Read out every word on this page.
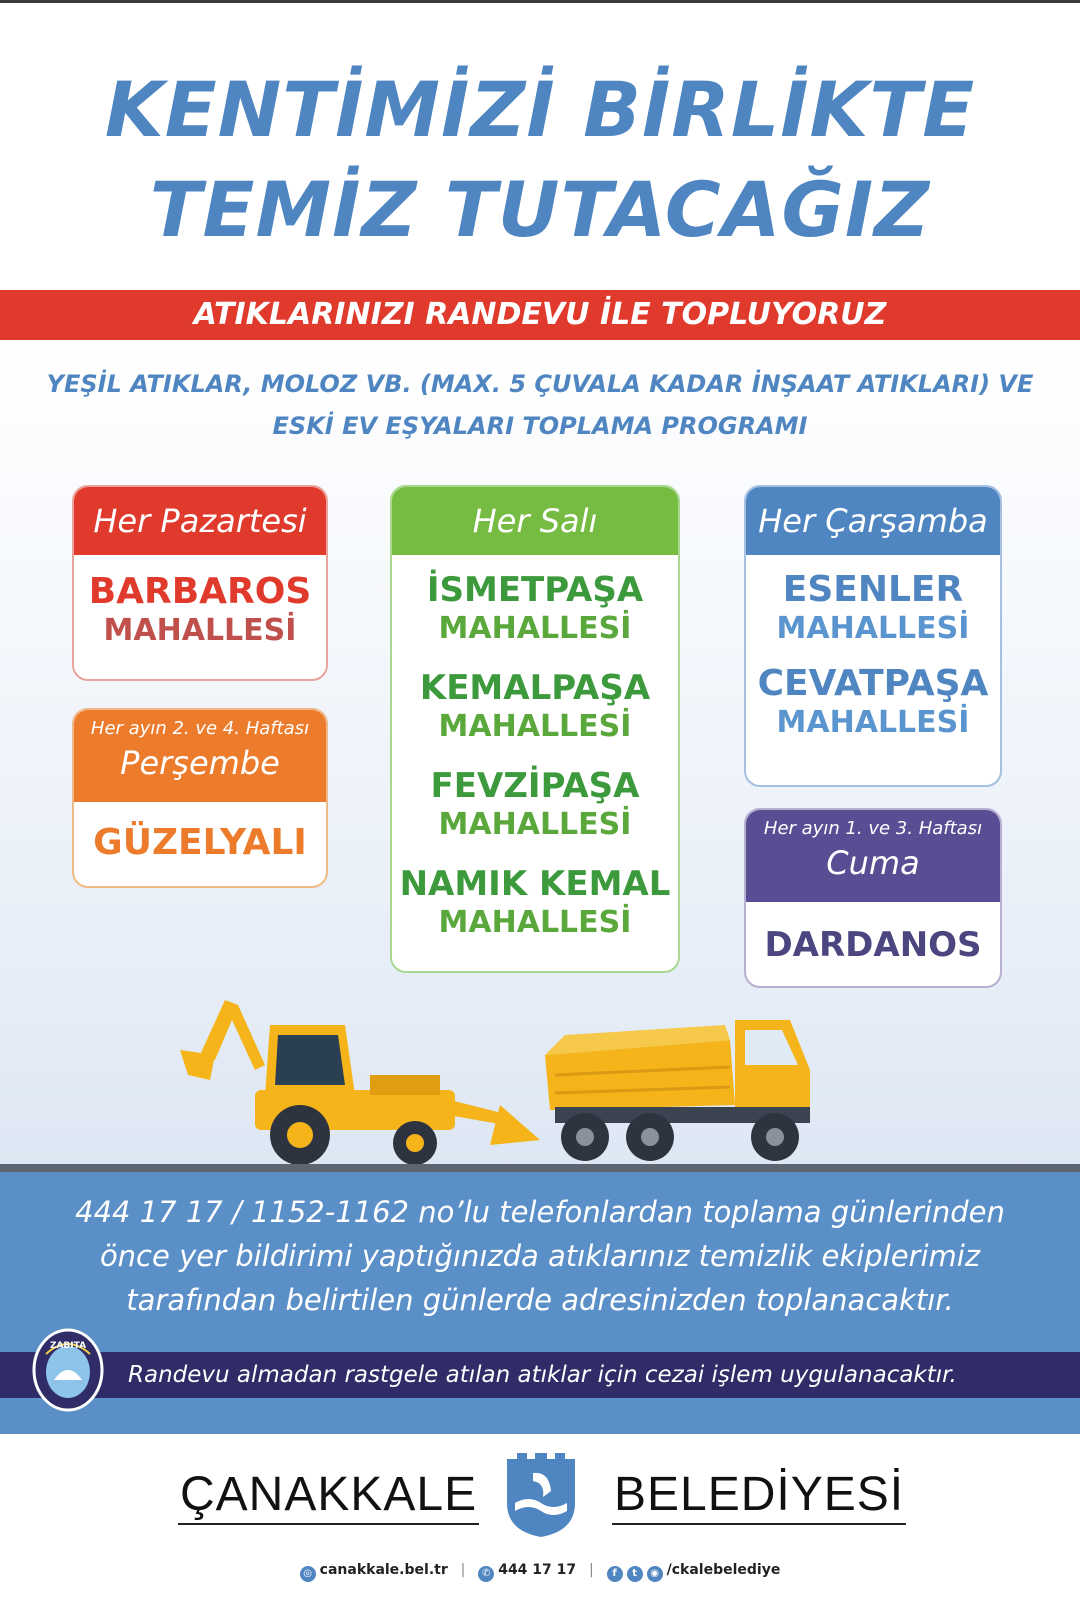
KENTİMİZİ BİRLİKTE
TEMİZ TUTACAĞIZ
ATIKLARINIZI RANDEVU İLE TOPLUYORUZ
YEŞİL ATIKLAR, MOLOZ VB. (MAX. 5 ÇUVALA KADAR İNŞAAT ATIKLARI) VE
ESKİ EV EŞYALARI TOPLAMA PROGRAMI
Her Pazartesi
BARBAROS
MAHALLESİ
Her ayın 2. ve 4. Haftası
Perşembe
GÜZELYALI
Her Salı
İSMETPAŞA
MAHALLESİ
KEMALPAŞA
MAHALLESİ
FEVZİPAŞA
MAHALLESİ
NAMIK KEMAL
MAHALLESİ
Her Çarşamba
ESENLER
MAHALLESİ
CEVATPAŞA
MAHALLESİ
Her ayın 1. ve 3. Haftası
Cuma
DARDANOS
444 17 17 / 1152-1162 no’lu telefonlardan toplama günlerinden
önce yer bildirimi yaptığınızda atıklarınız temizlik ekiplerimiz
tarafından belirtilen günlerde adresinizden toplanacaktır.
Randevu almadan rastgele atılan atıklar için cezai işlem uygulanacaktır.
ZABITA
ÇANAKKALE	BELEDİYESİ
◎ canakkale.bel.tr | ✆ 444 17 17 | f t ◉ /ckalebelediye
